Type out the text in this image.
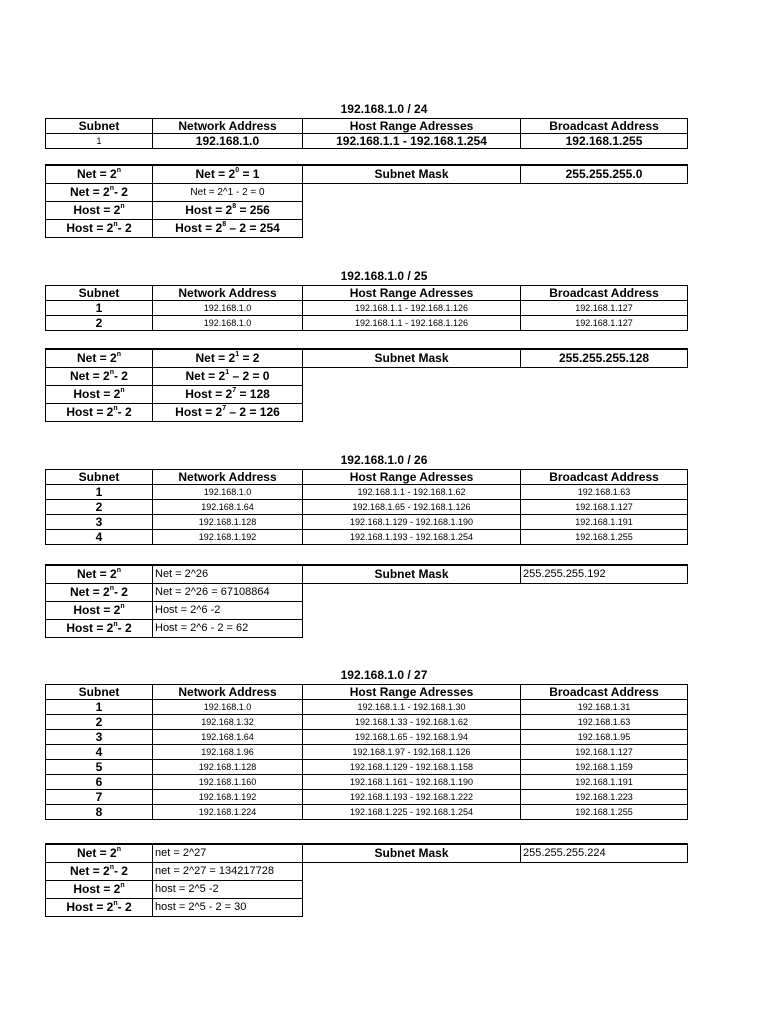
192.168.1.0 / 24
Subnet	Network Address	Host Range Adresses	Broadcast Address
1	192.168.1.0	192.168.1.1 - 192.168.1.254	192.168.1.255
Net = $2^n$	Net = $2^0 = 1$	Subnet Mask	255.255.255.0
Net = $2^n-$ 2	Net = 2^1 - 2 = 0		
Host = $2^n$	Host = $2^8 = 256$		
Host = $2^n-$ 2	Host = $2^8 - 2 = 254$		
192.168.1.0 / 25
Subnet	Network Address	Host Range Adresses	Broadcast Address
1	192.168.1.0	192.168.1.1 - 192.168.1.126	192.168.1.127
2	192.168.1.0	192.168.1.1 - 192.168.1.126	192.168.1.127
Net = $2^n$	Net = $2^1 = 2$	Subnet Mask	255.255.255.128
Net = $2^n-$ 2	Net = $2^1 - 2 = 0$		
Host = $2^n$	Host = $2^7 = 128$		
Host = $2^n-$ 2	Host = $2^7 - 2 = 126$		
192.168.1.0 / 26
Subnet	Network Address	Host Range Adresses	Broadcast Address
1	192.168.1.0	192.168.1.1 - 192.168.1.62	192.168.1.63
2	192.168.1.64	192.168.1.65 - 192.168.1.126	192.168.1.127
3	192.168.1.128	192.168.1.129 - 192.168.1.190	192.168.1.191
4	192.168.1.192	192.168.1.193 - 192.168.1.254	192.168.1.255
Net = $2^n$	Net = 2^26	Subnet Mask	255.255.255.192
Net = $2^n-$ 2	Net = 2^26 = 67108864		
Host = $2^n$	Host = 2^6 -2		
Host = $2^n-$ 2	Host = 2^6 - 2 = 62		
192.168.1.0 / 27
Subnet	Network Address	Host Range Adresses	Broadcast Address
1	192.168.1.0	192.168.1.1 - 192.168.1.30	192.168.1.31
2	192.168.1.32	192.168.1.33 - 192.168.1.62	192.168.1.63
3	192.168.1.64	192.168.1.65 - 192.168.1.94	192.168.1.95
4	192.168.1.96	192.168.1.97 - 192.168.1.126	192.168.1.127
5	192.168.1.128	192.168.1.129 - 192.168.1.158	192.168.1.159
6	192.168.1.160	192.168.1.161 - 192.168.1.190	192.168.1.191
7	192.168.1.192	192.168.1.193 - 192.168.1.222	192.168.1.223
8	192.168.1.224	192.168.1.225 - 192.168.1.254	192.168.1.255
Net = $2^n$	net = 2^27	Subnet Mask	255.255.255.224
Net = $2^n-$ 2	net = 2^27 = 134217728		
Host = $2^n$	host = 2^5 -2		
Host = $2^n-$ 2	host = 2^5 - 2 = 30		
